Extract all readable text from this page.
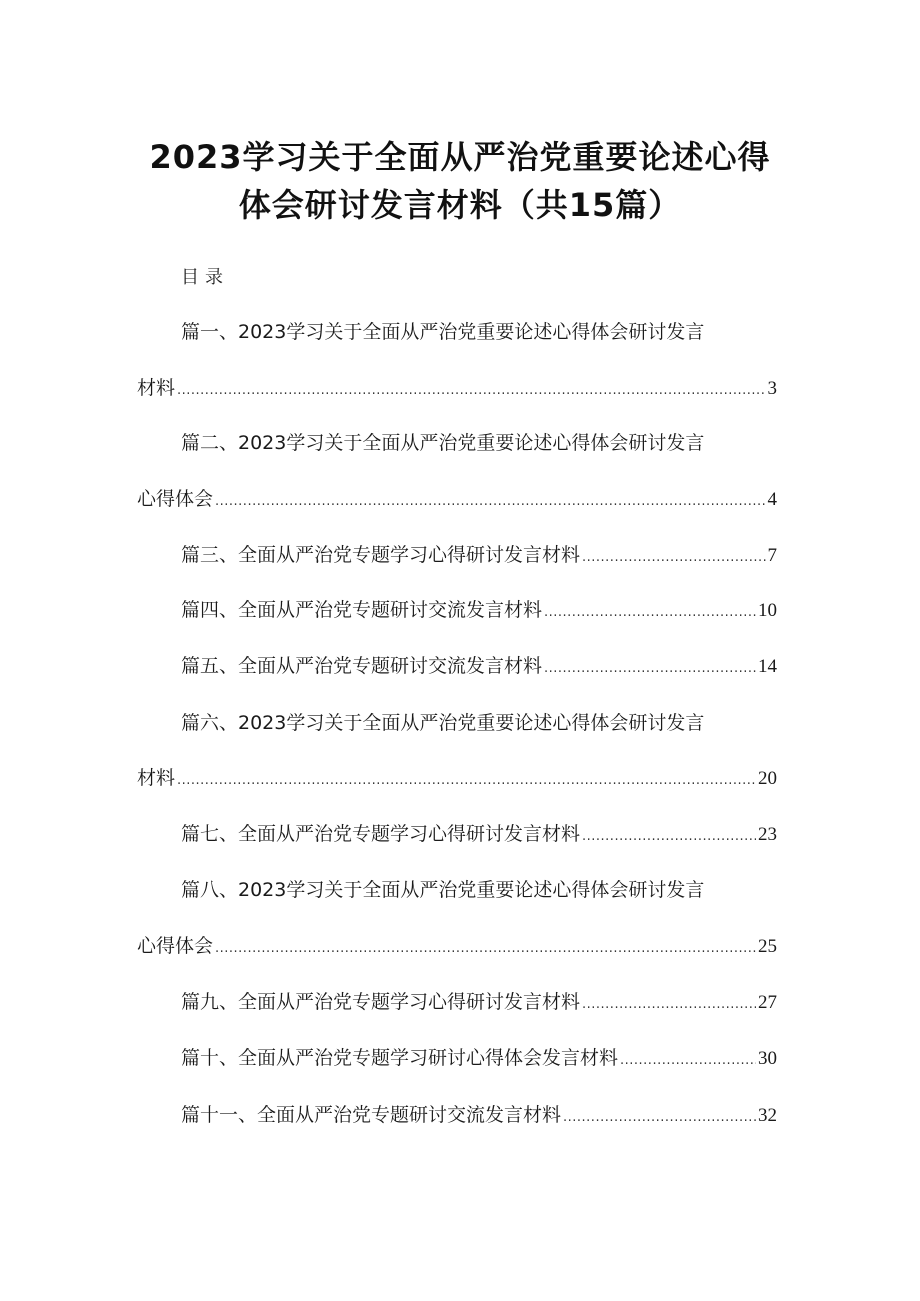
2023学习关于全面从严治党重要论述心得
体会研讨发言材料（共15篇）
目录
篇一、2023学习关于全面从严治党重要论述心得体会研讨发言
材料 .....	3
篇二、2023学习关于全面从严治党重要论述心得体会研讨发言
心得体会 .....	4
篇三、全面从严治党专题学习心得研讨发言材料 .....	7
篇四、全面从严治党专题研讨交流发言材料 .....	10
篇五、全面从严治党专题研讨交流发言材料 .....	14
篇六、2023学习关于全面从严治党重要论述心得体会研讨发言
材料 .....	20
篇七、全面从严治党专题学习心得研讨发言材料 .....	23
篇八、2023学习关于全面从严治党重要论述心得体会研讨发言
心得体会 .....	25
篇九、全面从严治党专题学习心得研讨发言材料 .....	27
篇十、全面从严治党专题学习研讨心得体会发言材料 .....	30
篇十一、全面从严治党专题研讨交流发言材料 .....	32
